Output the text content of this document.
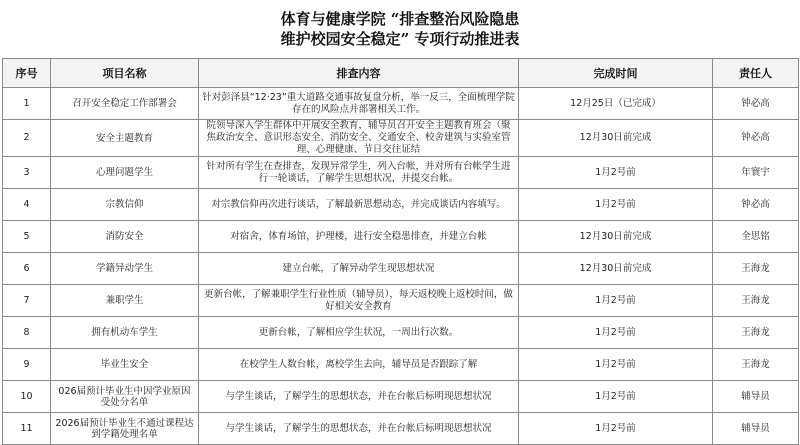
体育与健康学院 “排查整治风险隐患
维护校园安全稳定” 专项行动推进表
序号	项目名称	排查内容	完成时间	责任人
1	召开安全稳定工作部署会	针对彭泽县“12·23”重大道路交通事故复盘分析，举一反三，全面梳理学院存在的风险点并部署相关工作。	12月25日（已完成）	钟必高
2	安全主题教育	院领导深入学生群体中开展安全教育，辅导员召开安全主题教育班会（聚焦政治安全、意识形态安全、消防安全、交通安全、校舍建筑与实验室管理、心理健康、节日交往证结	12月30日前完成	钟必高
3	心理问题学生	针对所有学生在查排查，发现异常学生，列入台帐，并对所有台帐学生进行一轮谈话，了解学生思想状况，并提交台帐。	1月2号前	年寰宇
4	宗教信仰	对宗教信仰再次进行谈话，了解最新思想动态，并完成谈话内容填写。	1月2号前	钟必高
5	消防安全	对宿舍，体育场馆，护理楼，进行安全稳患排查，并建立台帐	12月30日前完成	全思铭
6	学籍异动学生	建立台帐，了解异动学生现思想状况	12月30日前完成	王海龙
7	兼职学生	更新台帐，了解兼职学生行业性质（辅导员），每天返校晚上返校时间，做好相关安全教育	1月2号前	王海龙
8	拥有机动车学生	更新台帐，了解相应学生状况，一周出行次数。	1月2号前	王海龙
9	毕业生安全	在校学生人数台帐，离校学生去向，辅导员是否跟踪了解	1月2号前	王海龙
10	026届预计毕业生中因学业原因受处分名单	与学生谈话，了解学生的思想状态，并在台帐后标明现思想状况	1月2号前	辅导员
11	2026届预计毕业生不通过课程达到学籍处理名单	与学生谈话，了解学生的思想状态，并在台帐后标明现思想状况	1月2号前	辅导员
